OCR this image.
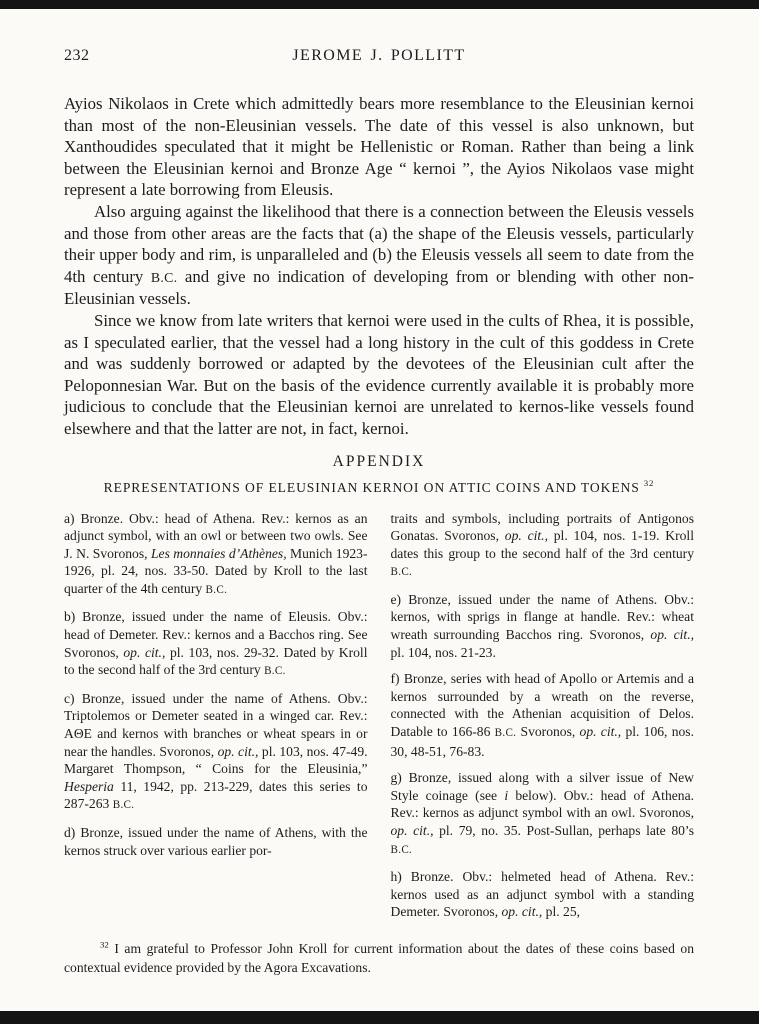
232	JEROME J. POLLITT

Ayios Nikolaos in Crete which admittedly bears more resemblance to the Eleusinian kernoi than most of the non-Eleusinian vessels. The date of this vessel is also unknown, but Xanthoudides speculated that it might be Hellenistic or Roman. Rather than being a link between the Eleusinian kernoi and Bronze Age “ kernoi ”, the Ayios Nikolaos vase might represent a late borrowing from Eleusis.

Also arguing against the likelihood that there is a connection between the Eleusis vessels and those from other areas are the facts that (a) the shape of the Eleusis vessels, particularly their upper body and rim, is unparalleled and (b) the Eleusis vessels all seem to date from the 4th century B.C. and give no indication of developing from or blending with other non-Eleusinian vessels.

Since we know from late writers that kernoi were used in the cults of Rhea, it is possible, as I speculated earlier, that the vessel had a long history in the cult of this goddess in Crete and was suddenly borrowed or adapted by the devotees of the Eleusinian cult after the Peloponnesian War. But on the basis of the evidence currently available it is probably more judicious to conclude that the Eleusinian kernoi are unrelated to kernos-like vessels found elsewhere and that the latter are not, in fact, kernoi.

APPENDIX
REPRESENTATIONS OF ELEUSINIAN KERNOI ON ATTIC COINS AND TOKENS $^{32}$

a) Bronze. Obv.: head of Athena. Rev.: kernos as an adjunct symbol, with an owl or between two owls. See J. N. Svoronos, Les monnaies d’Athènes, Munich 1923-1926, pl. 24, nos. 33-50. Dated by Kroll to the last quarter of the 4th century B.C.

b) Bronze, issued under the name of Eleusis. Obv.: head of Demeter. Rev.: kernos and a Bacchos ring. See Svoronos, op. cit., pl. 103, nos. 29-32. Dated by Kroll to the second half of the 3rd century B.C.

c) Bronze, issued under the name of Athens. Obv.: Triptolemos or Demeter seated in a winged car. Rev.: AΘE and kernos with branches or wheat spears in or near the handles. Svoronos, op. cit., pl. 103, nos. 47-49. Margaret Thompson, “ Coins for the Eleusinia,” Hesperia 11, 1942, pp. 213-229, dates this series to 287-263 B.C.

d) Bronze, issued under the name of Athens, with the kernos struck over various earlier por-

traits and symbols, including portraits of Antigonos Gonatas. Svoronos, op. cit., pl. 104, nos. 1-19. Kroll dates this group to the second half of the 3rd century B.C.

e) Bronze, issued under the name of Athens. Obv.: kernos, with sprigs in flange at handle. Rev.: wheat wreath surrounding Bacchos ring. Svoronos, op. cit., pl. 104, nos. 21-23.

f) Bronze, series with head of Apollo or Artemis and a kernos surrounded by a wreath on the reverse, connected with the Athenian acquisition of Delos. Datable to 166-86 B.C. Svoronos, op. cit., pl. 106, nos. 30, 48-51, 76-83.

g) Bronze, issued along with a silver issue of New Style coinage (see i below). Obv.: head of Athena. Rev.: kernos as adjunct symbol with an owl. Svoronos, op. cit., pl. 79, no. 35. Post-Sullan, perhaps late 80’s B.C.

h) Bronze. Obv.: helmeted head of Athena. Rev.: kernos used as an adjunct symbol with a standing Demeter. Svoronos, op. cit., pl. 25,

$^{32}$ I am grateful to Professor John Kroll for current information about the dates of these coins based on contextual evidence provided by the Agora Excavations.
